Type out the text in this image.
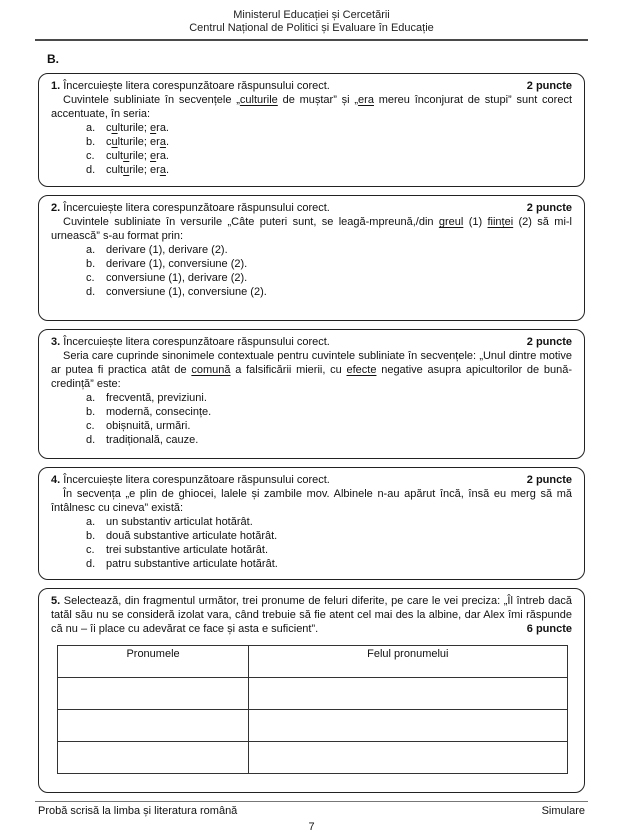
Ministerul Educației și Cercetării
Centrul Național de Politici și Evaluare în Educație
B.
2 puncte
1. Încercuiește litera corespunzătoare răspunsului corect.

Cuvintele subliniate în secvențele „culturile de muștar” și „era mereu înconjurat de stupi” sunt corect accentuate, în seria:

a. culturile; era.
b. culturile; era.
c.	culturile; era.
d. culturile; era.
2 puncte
2. Încercuiește litera corespunzătoare răspunsului corect.

Cuvintele subliniate în versurile „Câte puteri sunt, se leagă-mpreună,/din greul (1) ființei (2) să mi-l urnească” s-au format prin:

a. derivare (1), derivare (2).
b. derivare (1), conversiune (2).
c.	conversiune (1), derivare (2).
d. conversiune (1), conversiune (2).
2 puncte
3. Încercuiește litera corespunzătoare răspunsului corect.

Seria care cuprinde sinonimele contextuale pentru cuvintele subliniate în secvențele: „Unul dintre motive ar putea fi practica atât de comună a falsificării mierii, cu efecte negative asupra apicultorilor de bună-credință” este:

a. frecventă, previziuni.
b. modernă, consecințe.
c.	obișnuită, urmări.
d. tradițională, cauze.
2 puncte
4. Încercuiește litera corespunzătoare răspunsului corect.

În secvența „e plin de ghiocei, lalele și zambile mov. Albinele n-au apărut încă, însă eu merg să mă întâlnesc cu cineva” există:

a. un substantiv articulat hotărât.
b. două substantive articulate hotărât.
c.	trei substantive articulate hotărât.
d. patru substantive articulate hotărât.

5. Selectează, din fragmentul următor, trei pronume de feluri diferite, pe care le vei preciza: „Îl întreb dacă tatăl său nu se consideră izolat vara, când trebuie să fie atent cel mai des la albine, dar Alex îmi răspunde că nu – îi place cu adevărat ce face și asta e suficient”.	6 puncte

Pronumele	Felul pronumelui

Probă scrisă la limba și literatura română	Simulare
7
